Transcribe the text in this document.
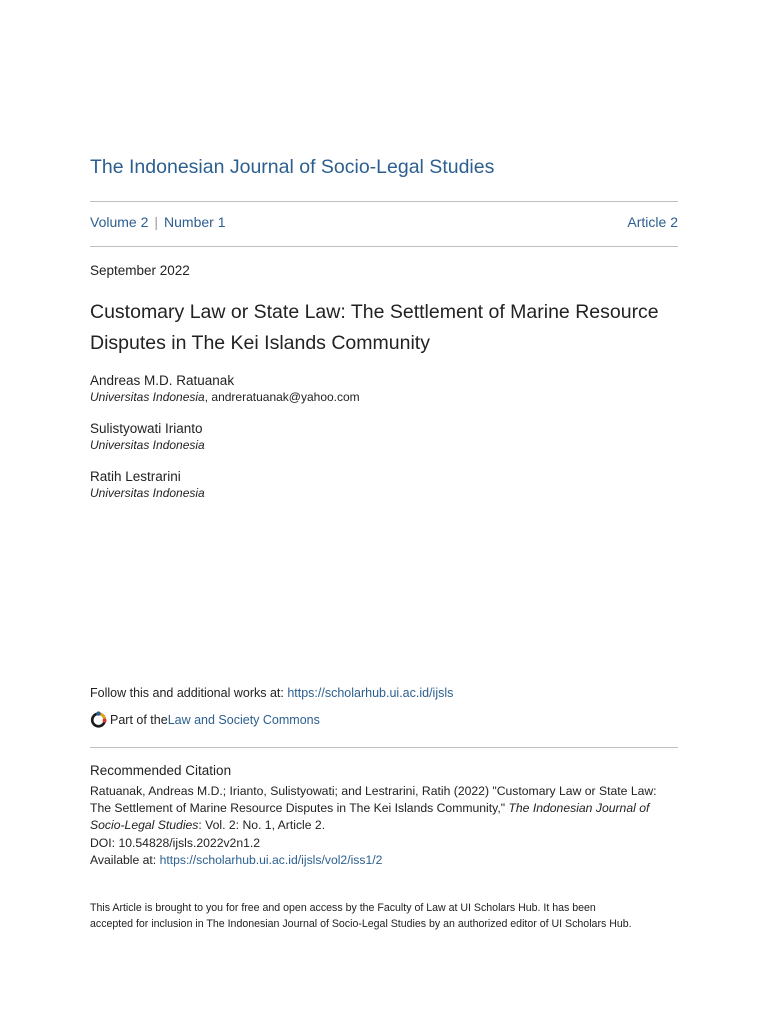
The Indonesian Journal of Socio-Legal Studies
Volume 2 | Number 1	Article 2
September 2022
Customary Law or State Law: The Settlement of Marine Resource
Disputes in The Kei Islands Community
Andreas M.D. Ratuanak
Universitas Indonesia, andreratuanak@yahoo.com
Sulistyowati Irianto
Universitas Indonesia
Ratih Lestrarini
Universitas Indonesia
Follow this and additional works at: https://scholarhub.ui.ac.id/ijsls
Part of the Law and Society Commons
Recommended Citation
Ratuanak, Andreas M.D.; Irianto, Sulistyowati; and Lestrarini, Ratih (2022) "Customary Law or State Law:
The Settlement of Marine Resource Disputes in The Kei Islands Community," The Indonesian Journal of
Socio-Legal Studies: Vol. 2: No. 1, Article 2.
DOI: 10.54828/ijsls.2022v2n1.2
Available at: https://scholarhub.ui.ac.id/ijsls/vol2/iss1/2
This Article is brought to you for free and open access by the Faculty of Law at UI Scholars Hub. It has been
accepted for inclusion in The Indonesian Journal of Socio-Legal Studies by an authorized editor of UI Scholars Hub.
